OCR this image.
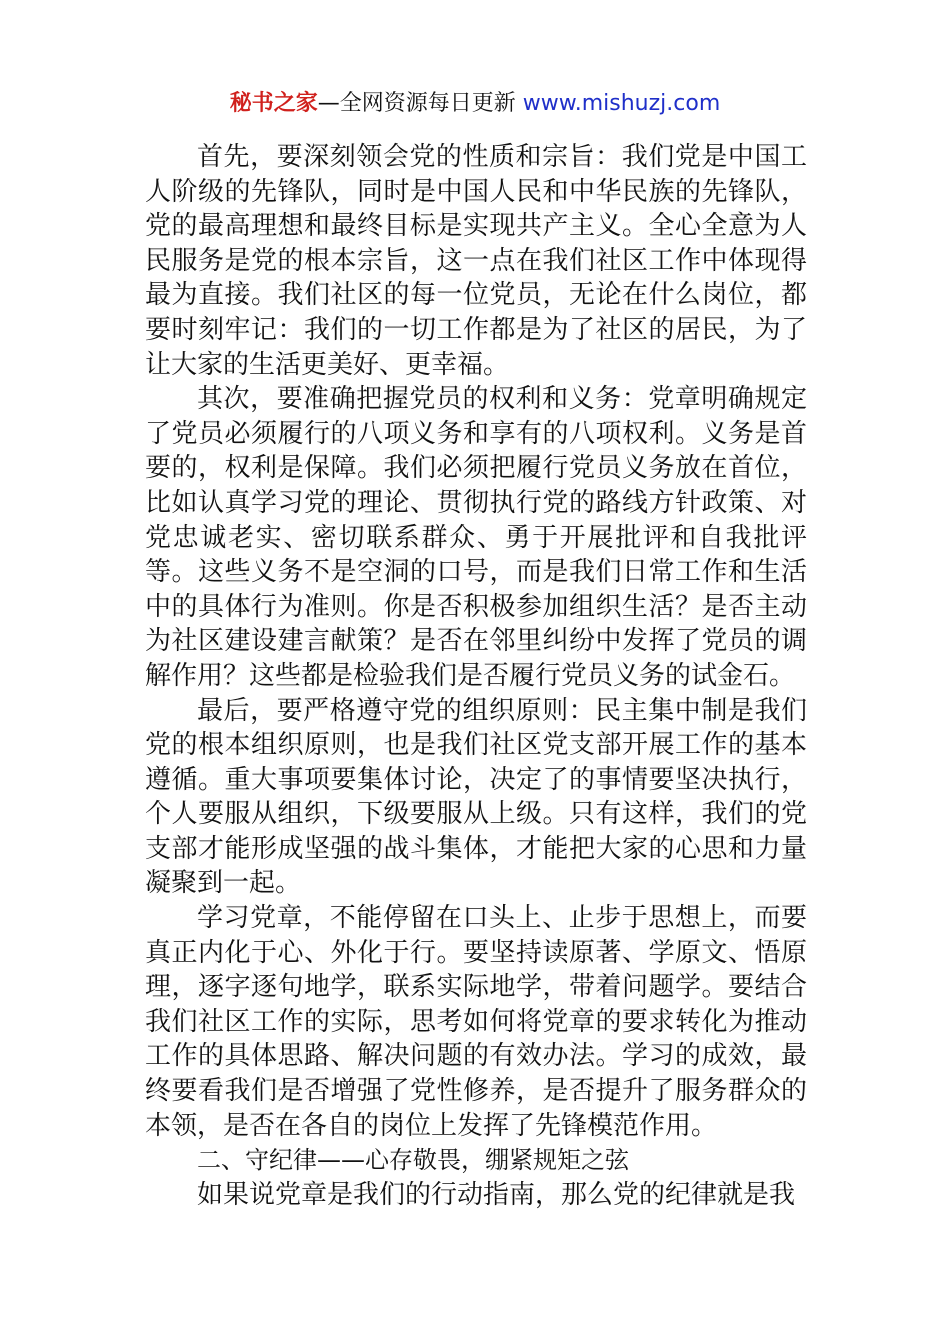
秘书之家—全网资源每日更新 www.mishuzj.com

首先，要深刻领会党的性质和宗旨：我们党是中国工人阶级的先锋队，同时是中国人民和中华民族的先锋队，党的最高理想和最终目标是实现共产主义。全心全意为人民服务是党的根本宗旨，这一点在我们社区工作中体现得最为直接。我们社区的每一位党员，无论在什么岗位，都要时刻牢记：我们的一切工作都是为了社区的居民，为了让大家的生活更美好、更幸福。

其次，要准确把握党员的权利和义务：党章明确规定了党员必须履行的八项义务和享有的八项权利。义务是首要的，权利是保障。我们必须把履行党员义务放在首位，比如认真学习党的理论、贯彻执行党的路线方针政策、对党忠诚老实、密切联系群众、勇于开展批评和自我批评等。这些义务不是空洞的口号，而是我们日常工作和生活中的具体行为准则。你是否积极参加组织生活？是否主动为社区建设建言献策？是否在邻里纠纷中发挥了党员的调解作用？这些都是检验我们是否履行党员义务的试金石。

最后，要严格遵守党的组织原则：民主集中制是我们党的根本组织原则，也是我们社区党支部开展工作的基本遵循。重大事项要集体讨论，决定了的事情要坚决执行，个人要服从组织，下级要服从上级。只有这样，我们的党支部才能形成坚强的战斗集体，才能把大家的心思和力量凝聚到一起。

学习党章，不能停留在口头上、止步于思想上，而要真正内化于心、外化于行。要坚持读原著、学原文、悟原理，逐字逐句地学，联系实际地学，带着问题学。要结合我们社区工作的实际，思考如何将党章的要求转化为推动工作的具体思路、解决问题的有效办法。学习的成效，最终要看我们是否增强了党性修养，是否提升了服务群众的本领，是否在各自的岗位上发挥了先锋模范作用。

二、守纪律——心存敬畏，绷紧规矩之弦

如果说党章是我们的行动指南，那么党的纪律就是我
